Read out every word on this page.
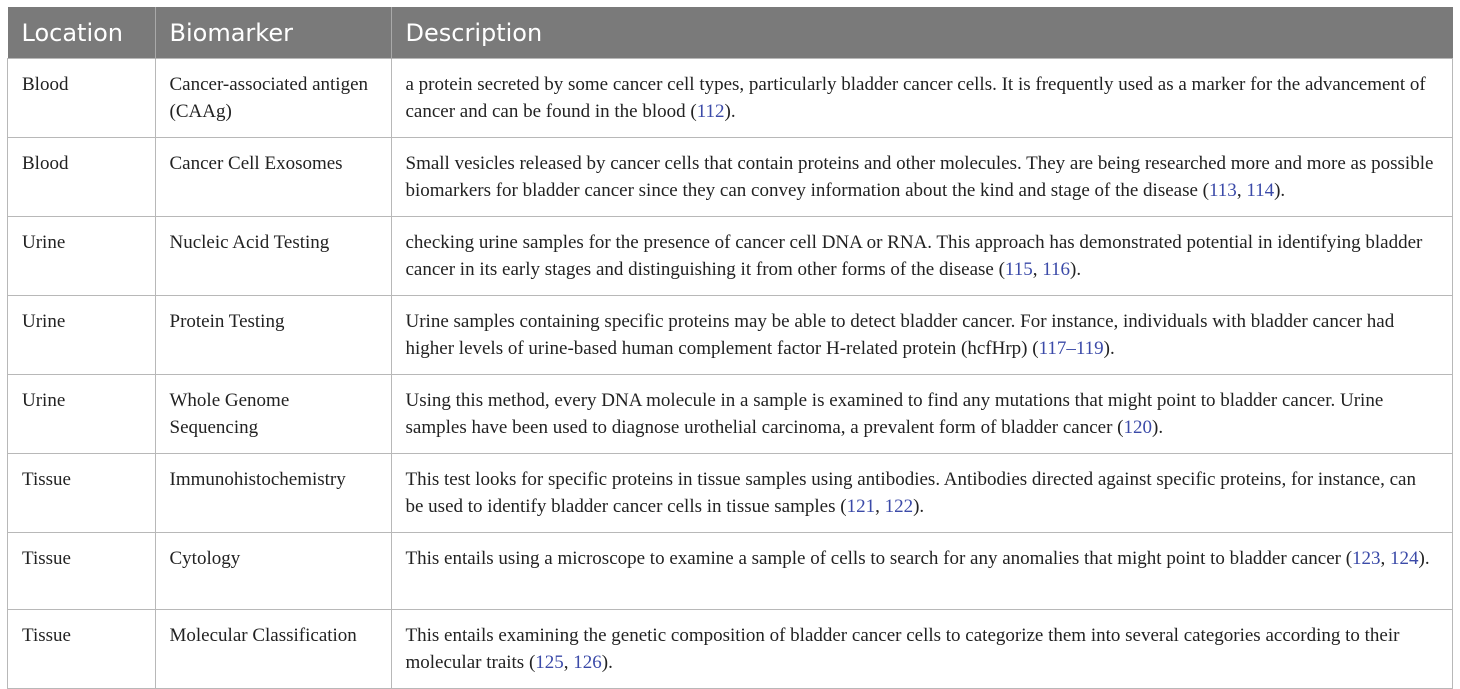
Location	Biomarker	Description
Blood	Cancer-associated antigen (CAAg)	a protein secreted by some cancer cell types, particularly bladder cancer cells. It is frequently used as a marker for the advancement of cancer and can be found in the blood (112).
Blood	Cancer Cell Exosomes	Small vesicles released by cancer cells that contain proteins and other molecules. They are being researched more and more as possible biomarkers for bladder cancer since they can convey information about the kind and stage of the disease (113, 114).
Urine	Nucleic Acid Testing	checking urine samples for the presence of cancer cell DNA or RNA. This approach has demonstrated potential in identifying bladder cancer in its early stages and distinguishing it from other forms of the disease (115, 116).
Urine	Protein Testing	Urine samples containing specific proteins may be able to detect bladder cancer. For instance, individuals with bladder cancer had higher levels of urine-based human complement factor H-related protein (hcfHrp) (117–119).
Urine	Whole Genome Sequencing	Using this method, every DNA molecule in a sample is examined to find any mutations that might point to bladder cancer. Urine samples have been used to diagnose urothelial carcinoma, a prevalent form of bladder cancer (120).
Tissue	Immunohistochemistry	This test looks for specific proteins in tissue samples using antibodies. Antibodies directed against specific proteins, for instance, can be used to identify bladder cancer cells in tissue samples (121, 122).
Tissue	Cytology	This entails using a microscope to examine a sample of cells to search for any anomalies that might point to bladder cancer (123, 124).
Tissue	Molecular Classification	This entails examining the genetic composition of bladder cancer cells to categorize them into several categories according to their molecular traits (125, 126).
